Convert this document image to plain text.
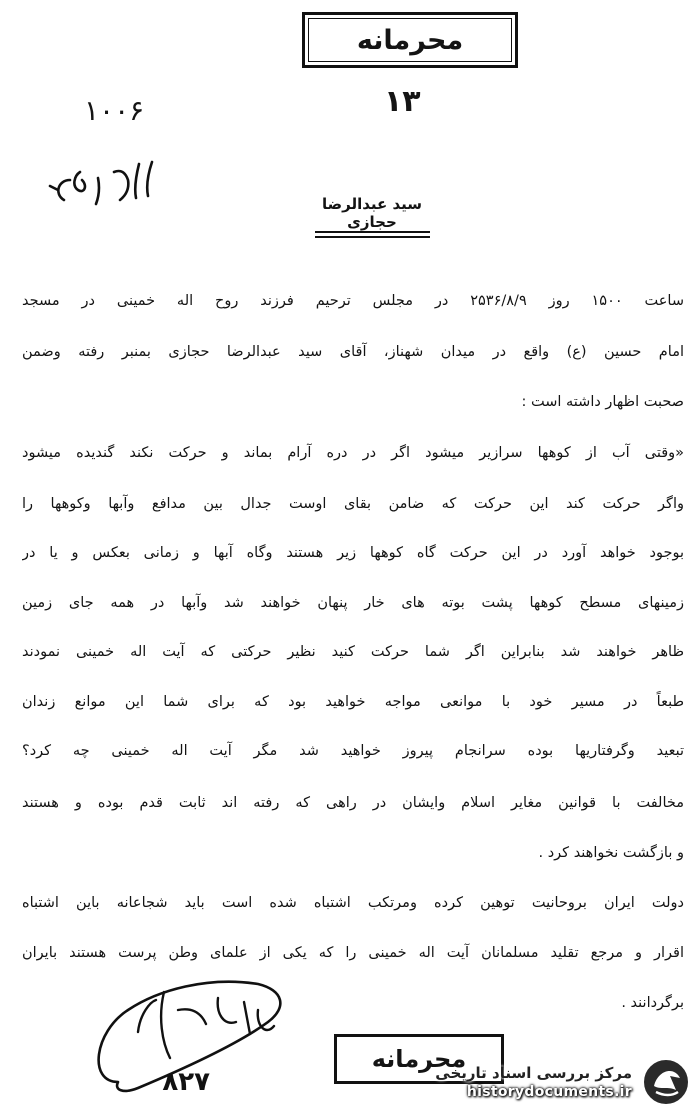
محرمانه
۱۳
۱۰۰۶
سید عبدالرضا حجازی
ساعت ۱۵۰۰ روز ۲۵۳۶/۸/۹ در مجلس ترحیم فرزند روح اله خمینی در مسجد
امام حسین (ع) واقع در میدان شهناز، آقای سید عبدالرضا حجازی بمنبر رفته وضمن
صحبت اظهار داشته است :
«وقتی آب از کوهها سرازیر میشود اگر در دره آرام بماند و حرکت نکند گندیده میشود
واگر حرکت کند این حرکت که ضامن بقای اوست جدال بین مدافع وآبها وکوهها را
بوجود خواهد آورد در این حرکت گاه کوهها زیر هستند وگاه آبها و زمانی بعکس و یا در
زمینهای مسطح کوهها پشت بوته های خار پنهان خواهند شد وآبها در همه جای زمین
ظاهر خواهند شد بنابراین اگر شما حرکت کنید نظیر حرکتی که آیت اله خمینی نمودند
طبعاً در مسیر خود با موانعی مواجه خواهید بود که برای شما این موانع زندان
تبعید وگرفتاریها بوده سرانجام پیروز خواهید شد مگر آیت اله خمینی چه کرد؟
مخالفت با قوانین مغایر اسلام وایشان در راهی که رفته اند ثابت قدم بوده و هستند
و بازگشت نخواهند کرد .
دولت ایران بروحانیت توهین کرده ومرتکب اشتباه شده است باید شجاعانه باین اشتباه
اقرار و مرجع تقلید مسلمانان آیت اله خمینی را که یکی از علمای وطن پرست هستند بایران
برگردانند .
۸۲۷
محرمانه
مرکز بررسی اسناد تاریخی
historydocuments.ir
